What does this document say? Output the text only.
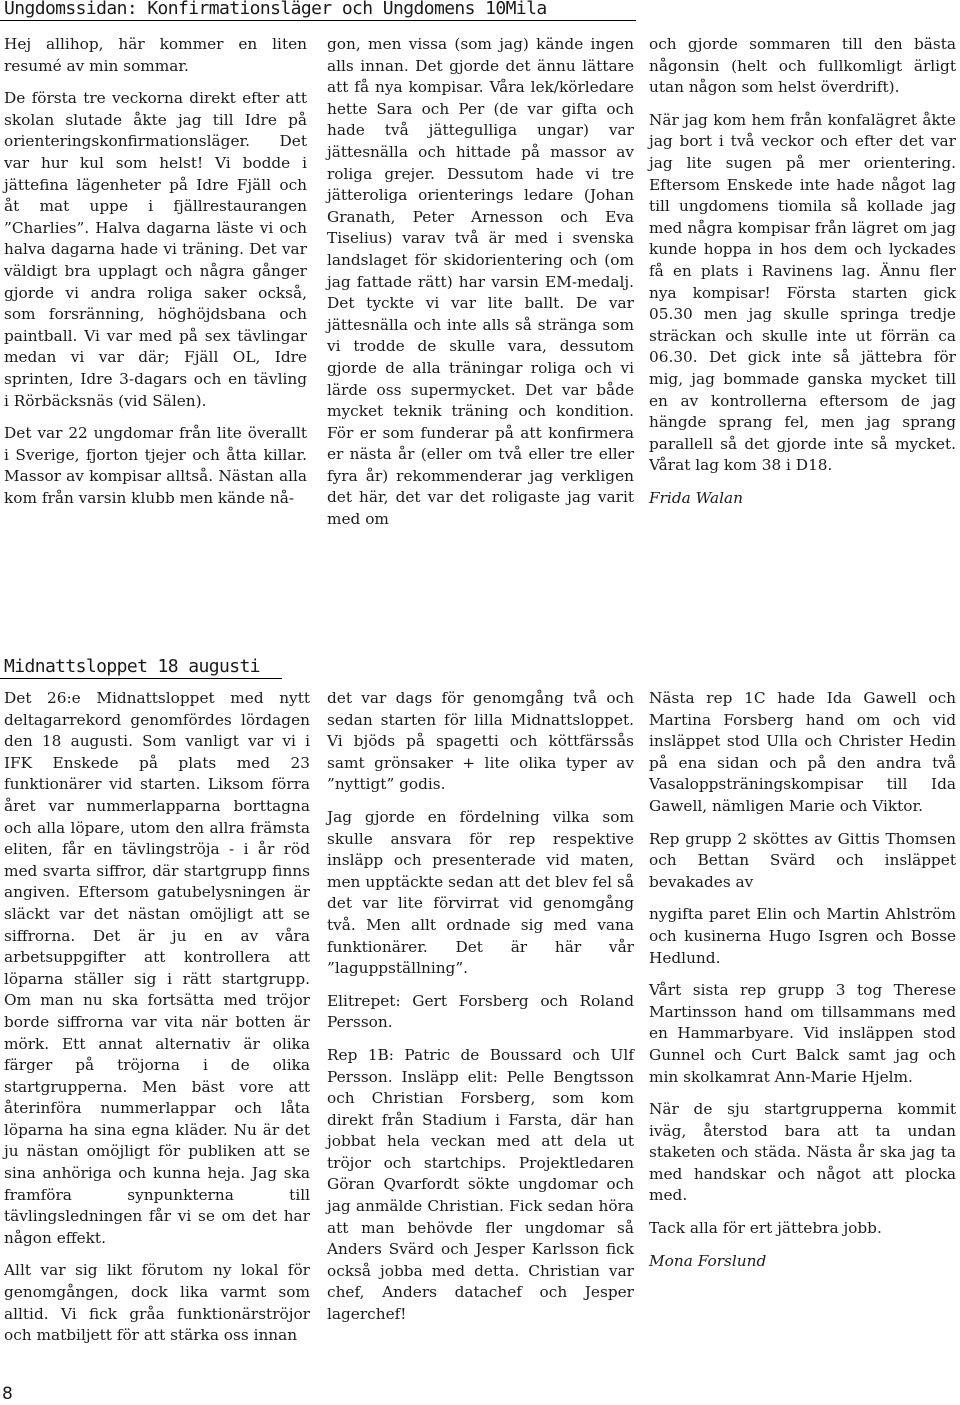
Ungdomssidan: Konfirmationsläger och Ungdomens 10Mila

Hej allihop, här kommer en liten resumé av min sommar.

De första tre veckorna direkt efter att skolan slutade åkte jag till Idre på orienteringskonfirmationsläger. Det var hur kul som helst! Vi bodde i jättefina lägenheter på Idre Fjäll och åt mat uppe i fjällrestaurangen ”Charlies”. Halva dagarna läste vi och halva dagarna hade vi träning. Det var väldigt bra upplagt och några gånger gjorde vi andra roliga saker också, som forsränning, höghöjdsbana och paintball. Vi var med på sex tävlingar medan vi var där; Fjäll OL, Idre sprinten, Idre 3-dagars och en tävling i Rörbäcksnäs (vid Sälen).

Det var 22 ungdomar från lite överallt i Sverige, fjorton tjejer och åtta killar. Massor av kompisar alltså. Nästan alla kom från varsin klubb men kände nå-

gon, men vissa (som jag) kände ingen alls innan. Det gjorde det ännu lättare att få nya kompisar. Våra lek/körledare hette Sara och Per (de var gifta och hade två jättegulliga ungar) var jättesnälla och hittade på massor av roliga grejer. Dessutom hade vi tre jätteroliga orienterings ledare (Johan Granath, Peter Arnesson och Eva Tiselius) varav två är med i svenska landslaget för skidorientering och (om jag fattade rätt) har varsin EM-medalj. Det tyckte vi var lite ballt. De var jättesnälla och inte alls så stränga som vi trodde de skulle vara, dessutom gjorde de alla träningar roliga och vi lärde oss supermycket. Det var både mycket teknik träning och kondition. För er som funderar på att konfirmera er nästa år (eller om två eller tre eller fyra år) rekommenderar jag verkligen det här, det var det roligaste jag varit med om

och gjorde sommaren till den bästa någonsin (helt och fullkomligt ärligt utan någon som helst överdrift).

När jag kom hem från konfalägret åkte jag bort i två veckor och efter det var jag lite sugen på mer orientering. Eftersom Enskede inte hade något lag till ungdomens tiomila så kollade jag med några kompisar från lägret om jag kunde hoppa in hos dem och lyckades få en plats i Ravinens lag. Ännu fler nya kompisar! Första starten gick 05.30 men jag skulle springa tredje sträckan och skulle inte ut förrän ca 06.30. Det gick inte så jättebra för mig, jag bommade ganska mycket till en av kontrollerna eftersom de jag hängde sprang fel, men jag sprang parallell så det gjorde inte så mycket. Vårat lag kom 38 i D18.

Frida Walan

Midnattsloppet 18 augusti

Det 26:e Midnattsloppet med nytt deltagarrekord genomfördes lördagen den 18 augusti. Som vanligt var vi i IFK Enskede på plats med 23 funktionärer vid starten. Liksom förra året var nummerlapparna borttagna och alla löpare, utom den allra främsta eliten, får en tävlingströja - i år röd med svarta siffror, där startgrupp finns angiven. Eftersom gatubelysningen är släckt var det nästan omöjligt att se siffrorna. Det är ju en av våra arbetsuppgifter att kontrollera att löparna ställer sig i rätt startgrupp. Om man nu ska fortsätta med tröjor borde siffrorna var vita när botten är mörk. Ett annat alternativ är olika färger på tröjorna i de olika startgrupperna. Men bäst vore att återinföra nummerlappar och låta löparna ha sina egna kläder. Nu är det ju nästan omöjligt för publiken att se sina anhöriga och kunna heja. Jag ska framföra synpunkterna till tävlingsledningen får vi se om det har någon effekt.

Allt var sig likt förutom ny lokal för genomgången, dock lika varmt som alltid. Vi fick gråa funktionärströjor och matbiljett för att stärka oss innan

det var dags för genomgång två och sedan starten för lilla Midnattsloppet. Vi bjöds på spagetti och köttfärssås samt grönsaker + lite olika typer av ”nyttigt” godis.

Jag gjorde en fördelning vilka som skulle ansvara för rep respektive insläpp och presenterade vid maten, men upptäckte sedan att det blev fel så det var lite förvirrat vid genomgång två. Men allt ordnade sig med vana funktionärer. Det är här vår ”laguppställning”.

Elitrepet: Gert Forsberg och Roland Persson.

Rep 1B: Patric de Boussard och Ulf Persson. Insläpp elit: Pelle Bengtsson och Christian Forsberg, som kom direkt från Stadium i Farsta, där han jobbat hela veckan med att dela ut tröjor och startchips. Projektledaren Göran Qvarfordt sökte ungdomar och jag anmälde Christian. Fick sedan höra att man behövde fler ungdomar så Anders Svärd och Jesper Karlsson fick också jobba med detta. Christian var chef, Anders datachef och Jesper lagerchef!

Nästa rep 1C hade Ida Gawell och Martina Forsberg hand om och vid insläppet stod Ulla och Christer Hedin på ena sidan och på den andra två Vasaloppsträningskompisar till Ida Gawell, nämligen Marie och Viktor.

Rep grupp 2 sköttes av Gittis Thomsen och Bettan Svärd och insläppet bevakades av

nygifta paret Elin och Martin Ahlström och kusinerna Hugo Isgren och Bosse Hedlund.

Vårt sista rep grupp 3 tog Therese Martinsson hand om tillsammans med en Hammarbyare. Vid insläppen stod Gunnel och Curt Balck samt jag och min skolkamrat Ann-Marie Hjelm.

När de sju startgrupperna kommit iväg, återstod bara att ta undan staketen och städa. Nästa år ska jag ta med handskar och något att plocka med.

Tack alla för ert jättebra jobb.

Mona Forslund

8
